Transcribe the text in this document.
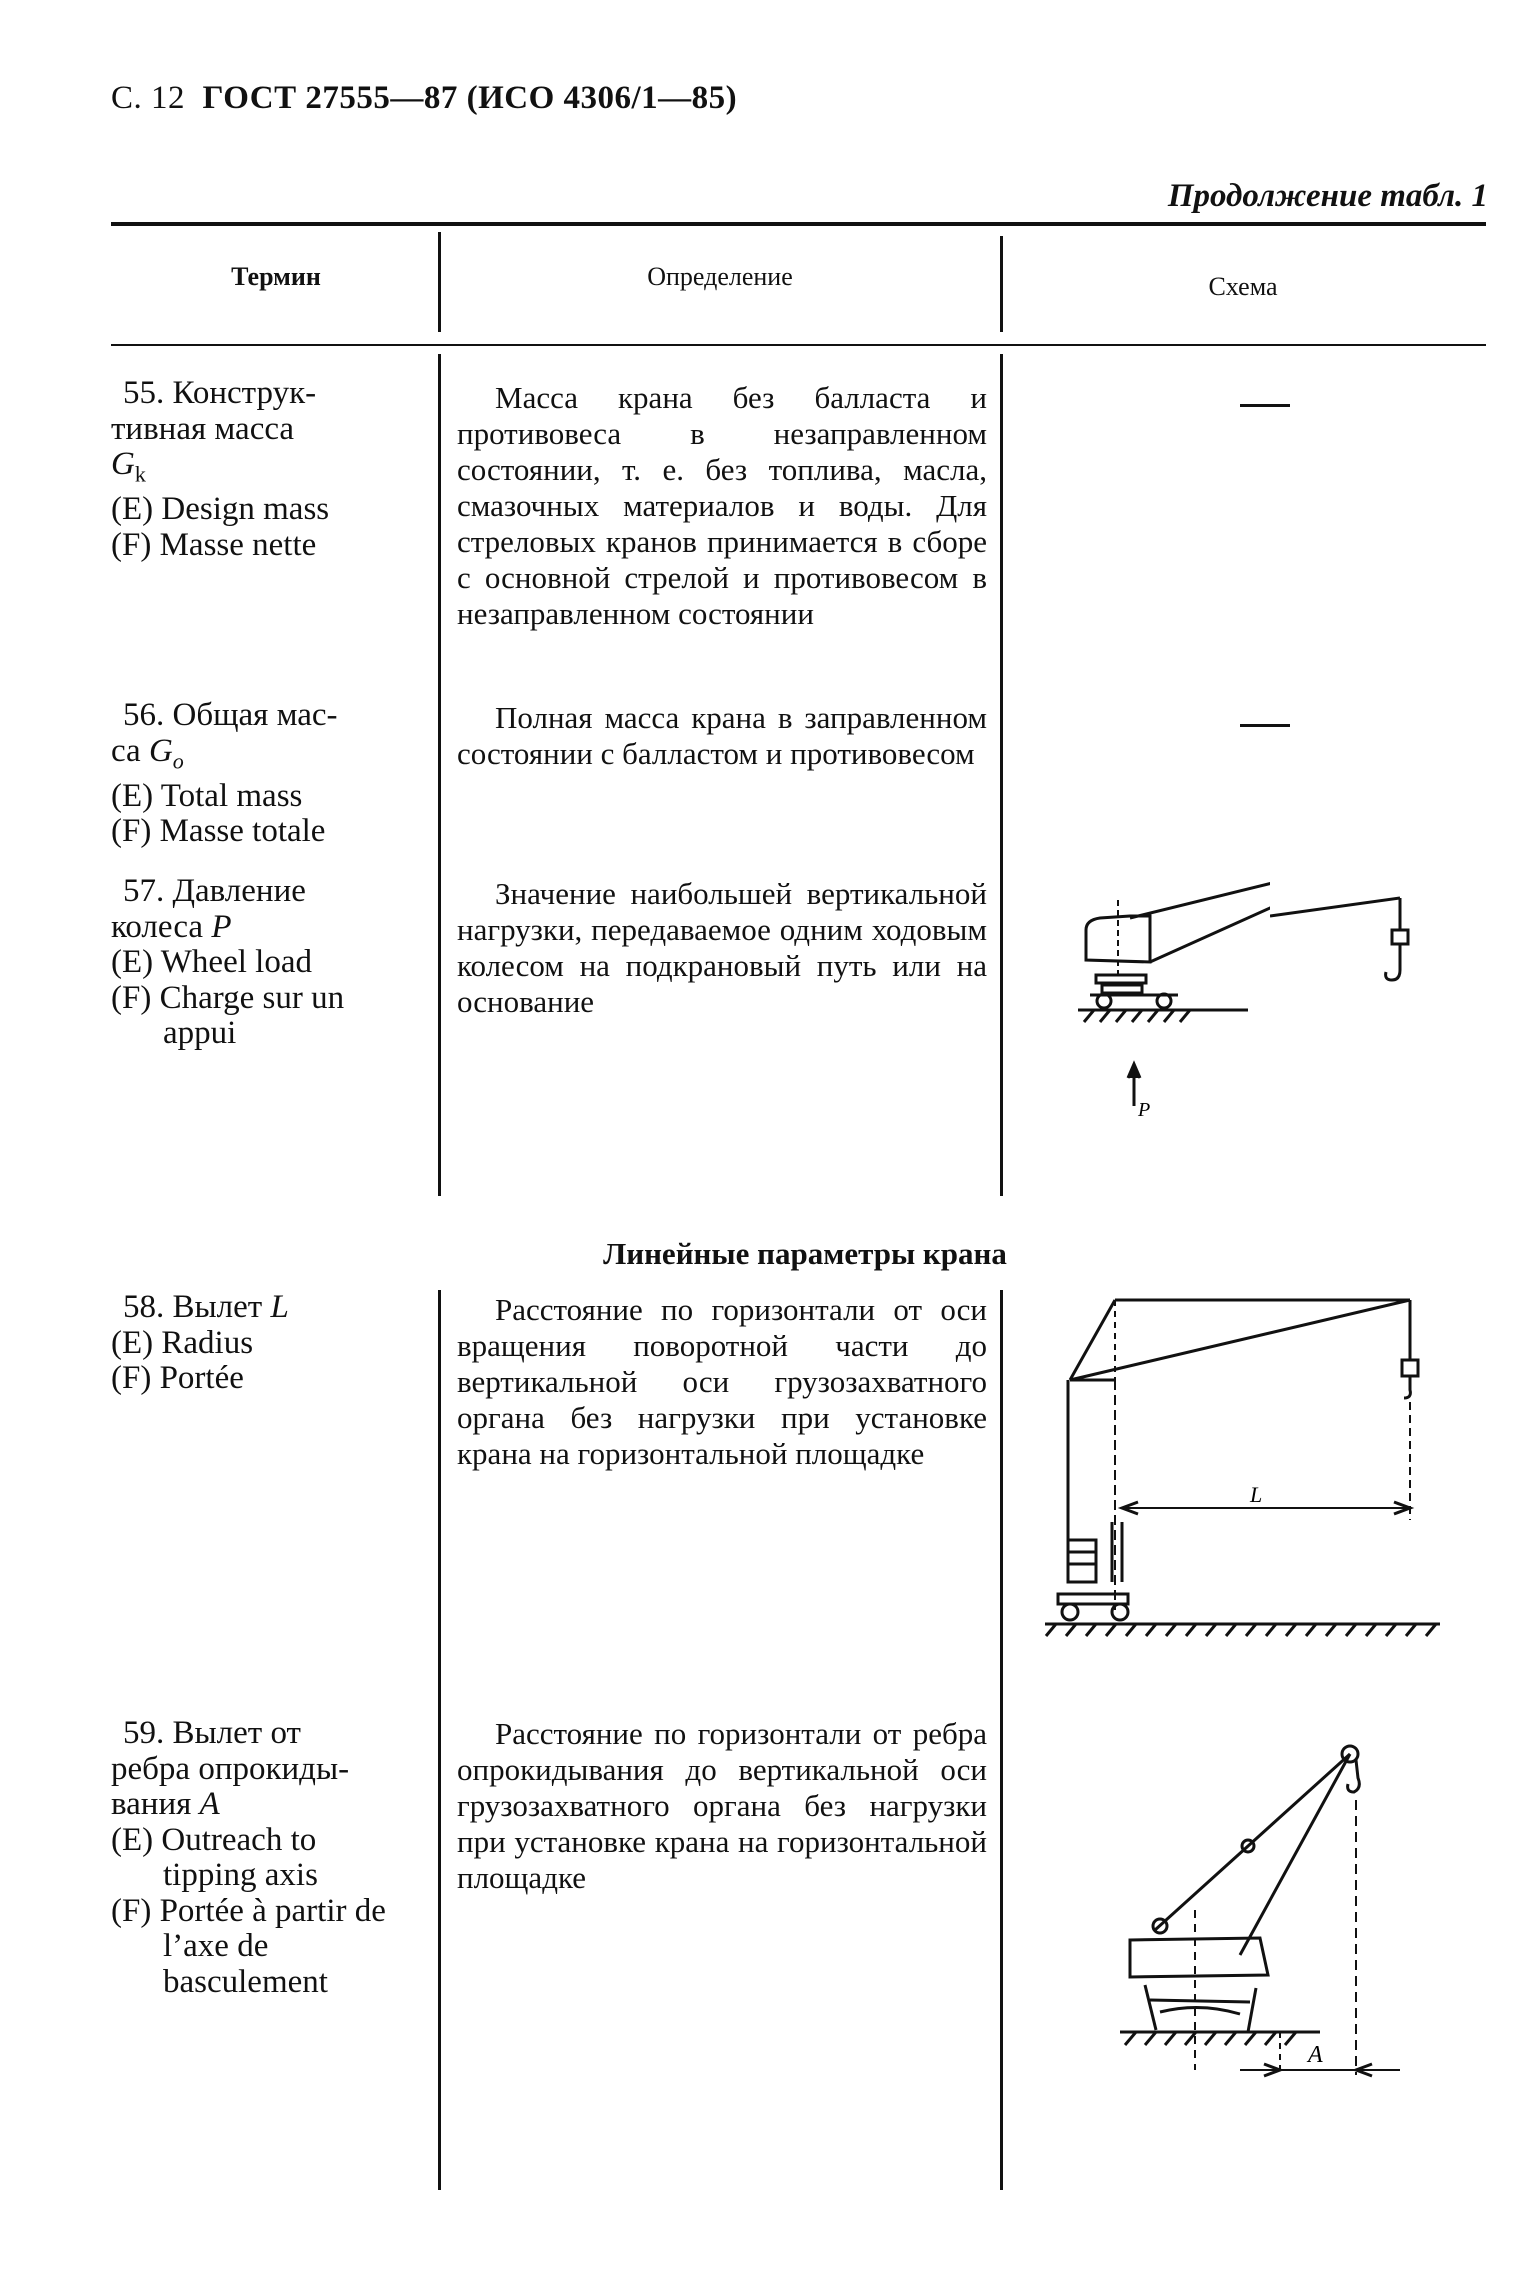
С. 12 ГОСТ 27555—87 (ИСО 4306/1—85)
Продолжение табл. 1
Термин	Определение	Схема
55. Конструк-
тивная масса
$G_k$
(E) Design mass
(F) Masse nette
Масса крана без балласта и противовеса в незаправленном состоянии, т. е. без топлива, масла, смазочных материалов и воды. Для стреловых кранов принимается в сборе с основной стрелой и противовесом в незаправленном состоянии
56. Общая мас-
са $G_o$
(E) Total mass
(F) Masse totale
Полная масса крана в заправленном состоянии с балластом и противовесом
57. Давление
колеса P
(E) Wheel load
(F) Charge sur un appui
Значение наибольшей вертикальной нагрузки, передаваемое одним ходовым колесом на подкрановый путь или на основание
P
Линейные параметры крана
58. Вылет L
(E) Radius
(F) Portée
Расстояние по горизонтали от оси вращения поворотной части до вертикальной оси грузозахватного органа без нагрузки при установке крана на горизонтальной площадке
L
59. Вылет от
ребра опрокиды-
вания A
(E) Outreach to tipping axis
(F) Portée à partir de l’axe de basculement
Расстояние по горизонтали от ребра опрокидывания до вертикальной оси грузозахватного органа без нагрузки при установке крана на горизонтальной площадке
A
